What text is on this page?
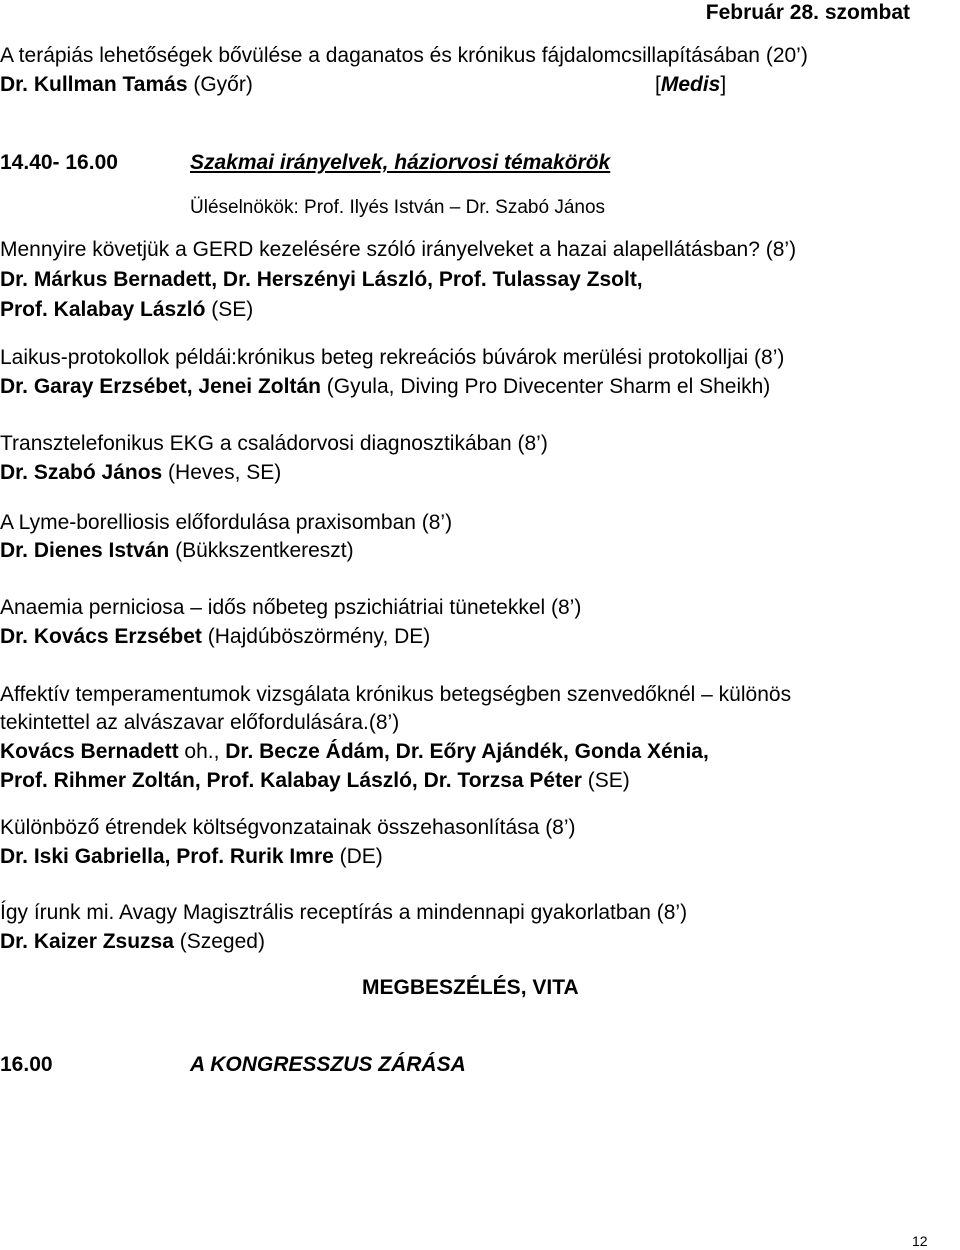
Február 28. szombat
A terápiás lehetőségek bővülése a daganatos és krónikus fájdalomcsillapításában (20’)
Dr. Kullman Tamás (Győr)	[Medis]
14.40- 16.00	Szakmai irányelvek, háziorvosi témakörök
Üléselnökök: Prof. Ilyés István – Dr. Szabó János
Mennyire követjük a GERD kezelésére szóló irányelveket a hazai alapellátásban? (8’)
Dr. Márkus Bernadett, Dr. Herszényi László, Prof. Tulassay Zsolt,
Prof. Kalabay László (SE)
Laikus-protokollok példái:krónikus beteg rekreációs búvárok merülési protokolljai (8’)
Dr. Garay Erzsébet, Jenei Zoltán (Gyula, Diving Pro Divecenter Sharm el Sheikh)
Transztelefonikus EKG a családorvosi diagnosztikában (8’)
Dr. Szabó János (Heves, SE)
A Lyme-borelliosis előfordulása praxisomban (8’)
Dr. Dienes István (Bükkszentkereszt)
Anaemia perniciosa – idős nőbeteg pszichiátriai tünetekkel (8’)
Dr. Kovács Erzsébet (Hajdúböszörmény, DE)
Affektív temperamentumok vizsgálata krónikus betegségben szenvedőknél – különös
tekintettel az alvászavar előfordulására.(8’)
Kovács Bernadett oh., Dr. Becze Ádám, Dr. Eőry Ajándék, Gonda Xénia,
Prof. Rihmer Zoltán, Prof. Kalabay László, Dr. Torzsa Péter (SE)
Különböző étrendek költségvonzatainak összehasonlítása (8’)
Dr. Iski Gabriella, Prof. Rurik Imre (DE)
Így írunk mi. Avagy Magisztrális receptírás a mindennapi gyakorlatban (8’)
Dr. Kaizer Zsuzsa (Szeged)
MEGBESZÉLÉS, VITA
16.00	A KONGRESSZUS ZÁRÁSA
12
